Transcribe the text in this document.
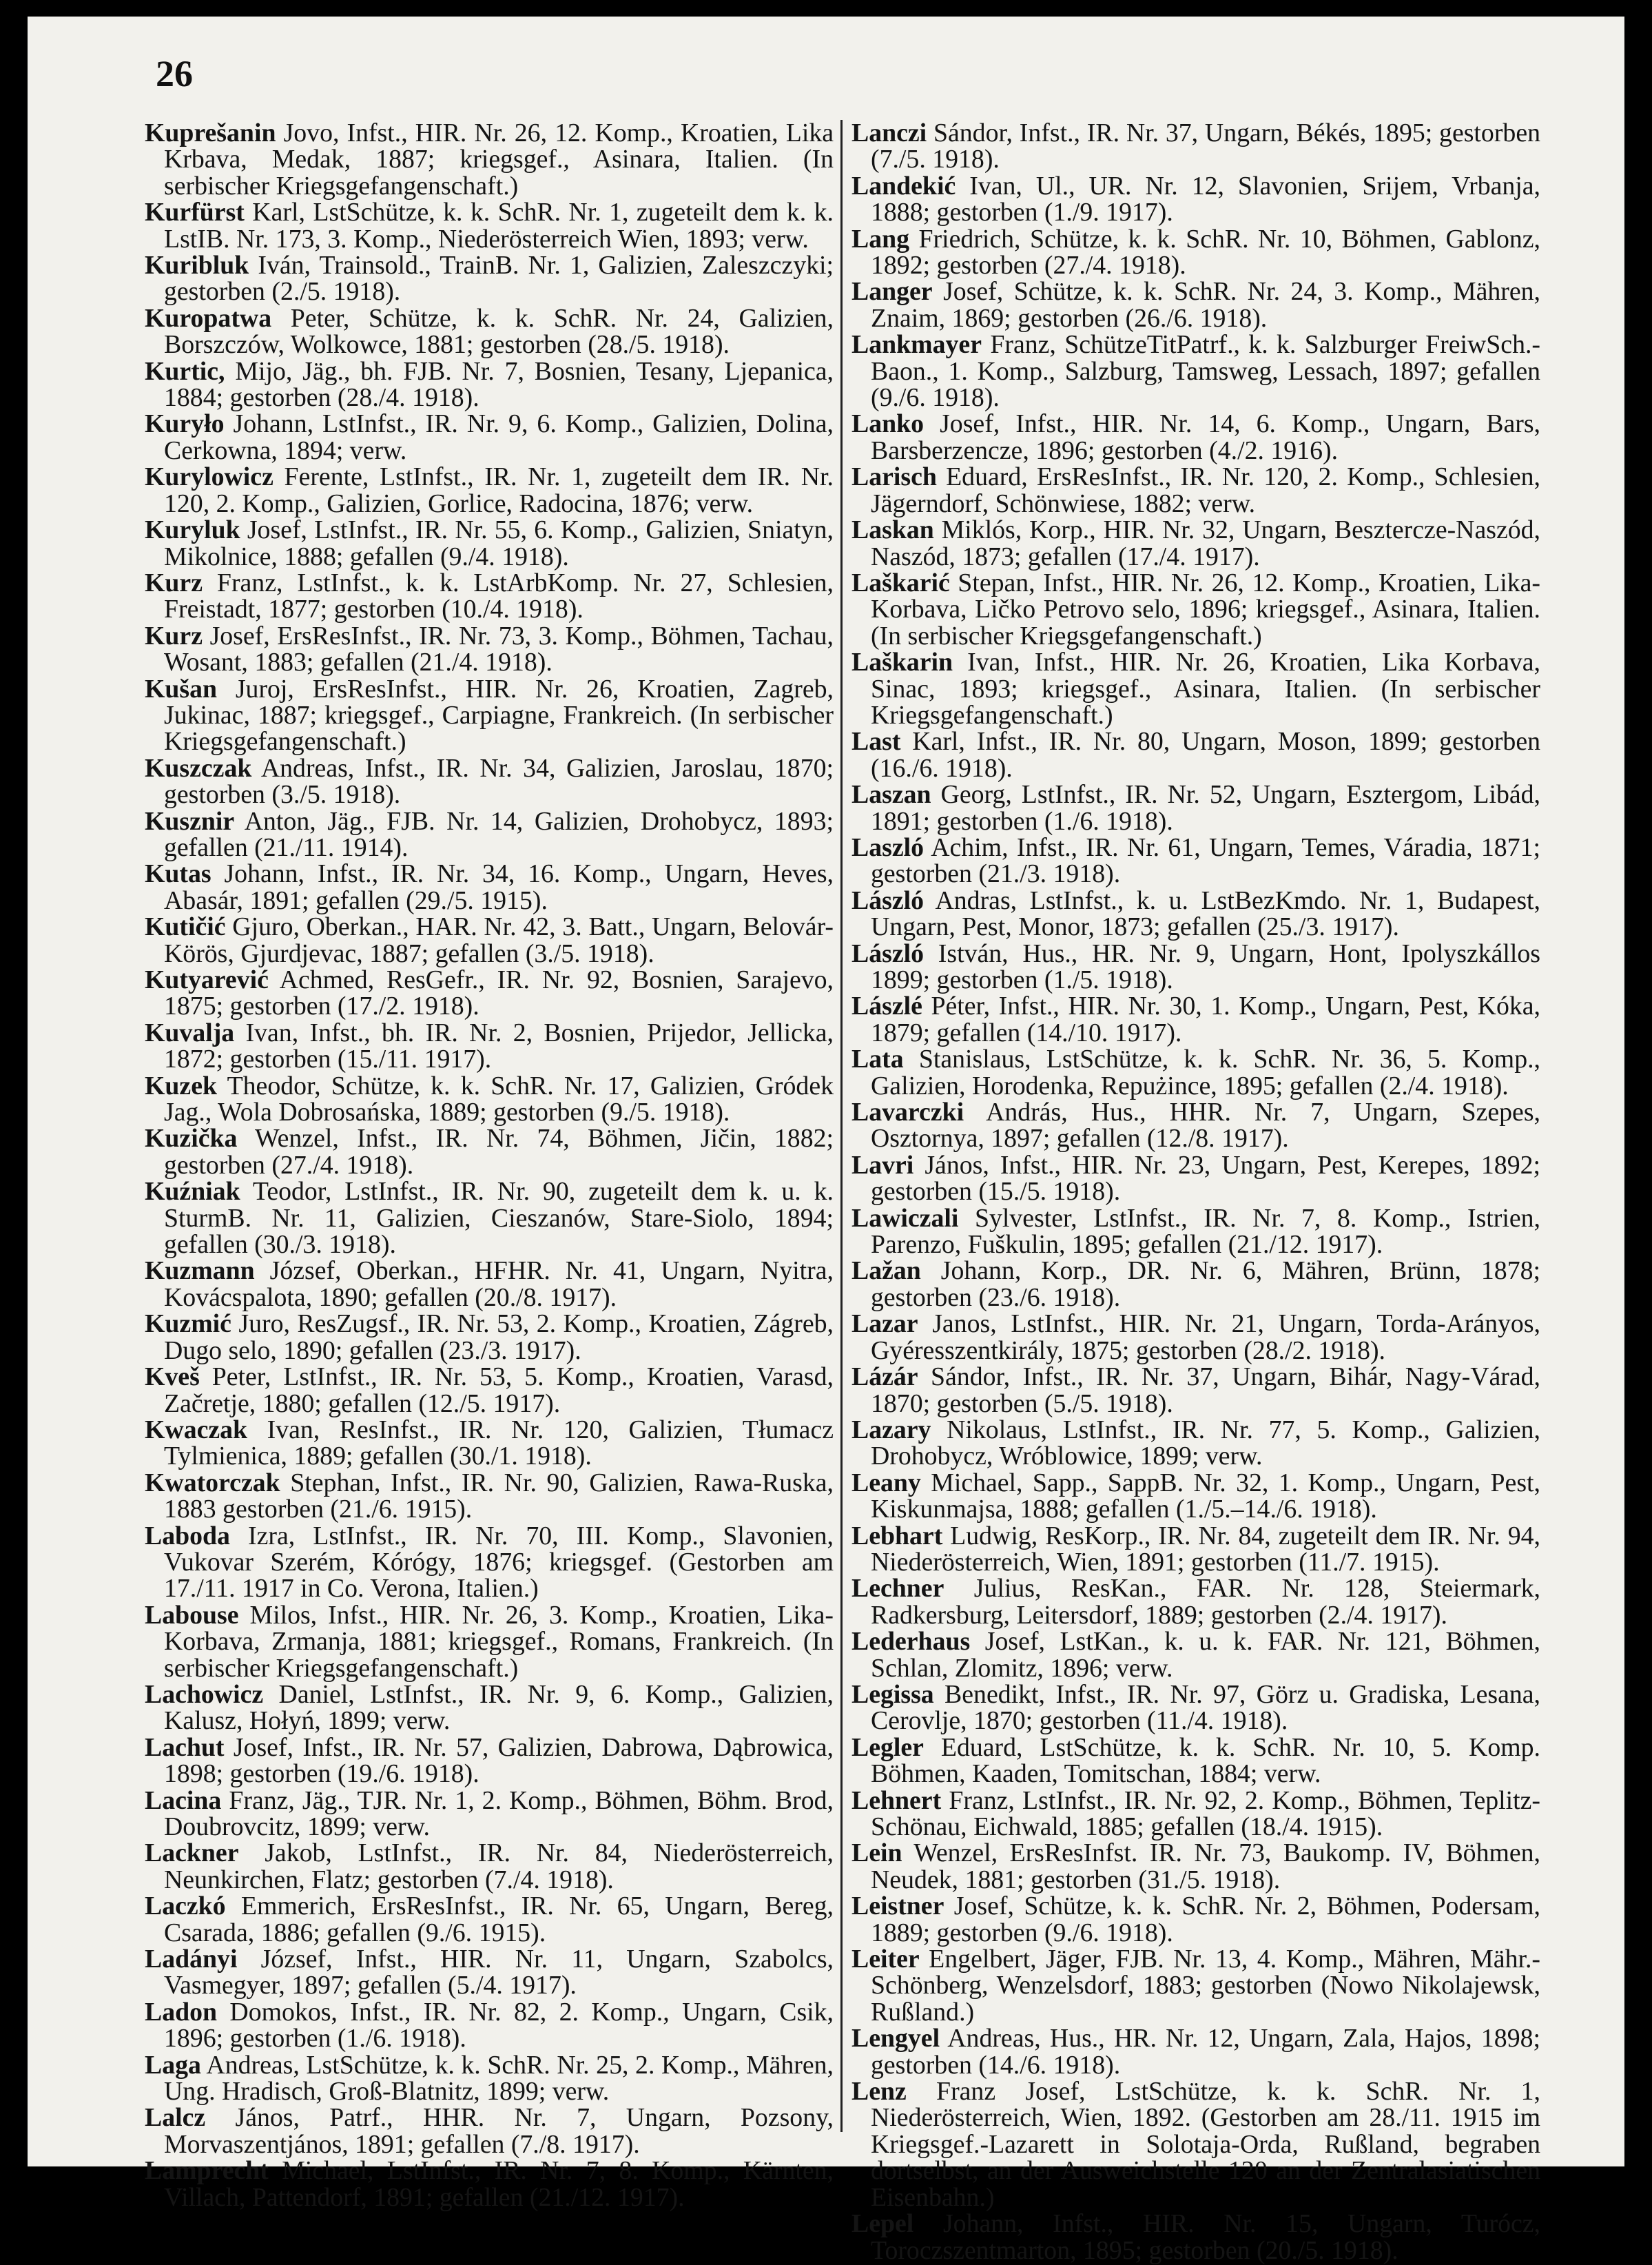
26

Kuprešanin Jovo, Infst., HIR. Nr. 26, 12. Komp., Kroatien, Lika Krbava, Medak, 1887; kriegsgef., Asinara, Italien. (In serbischer Kriegsgefangenschaft.)

Kurfürst Karl, LstSchütze, k. k. SchR. Nr. 1, zugeteilt dem k. k. LstIB. Nr. 173, 3. Komp., Niederösterreich Wien, 1893; verw.

Kuribluk Iván, Trainsold., TrainB. Nr. 1, Galizien, Zaleszczyki; gestorben (2./5. 1918).

Kuropatwa Peter, Schütze, k. k. SchR. Nr. 24, Galizien, Borszczów, Wolkowce, 1881; gestorben (28./5. 1918).

Kurtic, Mijo, Jäg., bh. FJB. Nr. 7, Bosnien, Tesany, Ljepanica, 1884; gestorben (28./4. 1918).

Kuryło Johann, LstInfst., IR. Nr. 9, 6. Komp., Galizien, Dolina, Cerkowna, 1894; verw.

Kurylowicz Ferente, LstInfst., IR. Nr. 1, zugeteilt dem IR. Nr. 120, 2. Komp., Galizien, Gorlice, Radocina, 1876; verw.

Kuryluk Josef, LstInfst., IR. Nr. 55, 6. Komp., Galizien, Sniatyn, Mikolnice, 1888; gefallen (9./4. 1918).

Kurz Franz, LstInfst., k. k. LstArbKomp. Nr. 27, Schlesien, Freistadt, 1877; gestorben (10./4. 1918).

Kurz Josef, ErsResInfst., IR. Nr. 73, 3. Komp., Böhmen, Tachau, Wosant, 1883; gefallen (21./4. 1918).

Kušan Juroj, ErsResInfst., HIR. Nr. 26, Kroatien, Zagreb, Jukinac, 1887; kriegsgef., Carpiagne, Frankreich. (In serbischer Kriegsgefangenschaft.)

Kuszczak Andreas, Infst., IR. Nr. 34, Galizien, Jaroslau, 1870; gestorben (3./5. 1918).

Kusznir Anton, Jäg., FJB. Nr. 14, Galizien, Drohobycz, 1893; gefallen (21./11. 1914).

Kutas Johann, Infst., IR. Nr. 34, 16. Komp., Ungarn, Heves, Abasár, 1891; gefallen (29./5. 1915).

Kutičić Gjuro, Oberkan., HAR. Nr. 42, 3. Batt., Ungarn, Belovár-Körös, Gjurdjevac, 1887; gefallen (3./5. 1918).

Kutyarević Achmed, ResGefr., IR. Nr. 92, Bosnien, Sarajevo, 1875; gestorben (17./2. 1918).

Kuvalja Ivan, Infst., bh. IR. Nr. 2, Bosnien, Prijedor, Jellicka, 1872; gestorben (15./11. 1917).

Kuzek Theodor, Schütze, k. k. SchR. Nr. 17, Galizien, Gródek Jag., Wola Dobrosańska, 1889; gestorben (9./5. 1918).

Kuzička Wenzel, Infst., IR. Nr. 74, Böhmen, Jičin, 1882; gestorben (27./4. 1918).

Kuźniak Teodor, LstInfst., IR. Nr. 90, zugeteilt dem k. u. k. SturmB. Nr. 11, Galizien, Cieszanów, Stare-Siolo, 1894; gefallen (30./3. 1918).

Kuzmann József, Oberkan., HFHR. Nr. 41, Ungarn, Nyitra, Kovácspalota, 1890; gefallen (20./8. 1917).

Kuzmić Juro, ResZugsf., IR. Nr. 53, 2. Komp., Kroatien, Zágreb, Dugo selo, 1890; gefallen (23./3. 1917).

Kveš Peter, LstInfst., IR. Nr. 53, 5. Komp., Kroatien, Varasd, Začretje, 1880; gefallen (12./5. 1917).

Kwaczak Ivan, ResInfst., IR. Nr. 120, Galizien, Tłumacz Tylmienica, 1889; gefallen (30./1. 1918).

Kwatorczak Stephan, Infst., IR. Nr. 90, Galizien, Rawa-Ruska, 1883 gestorben (21./6. 1915).

Laboda Izra, LstInfst., IR. Nr. 70, III. Komp., Slavonien, Vukovar Szerém, Kórógy, 1876; kriegsgef. (Gestorben am 17./11. 1917 in Co. Verona, Italien.)

Labouse Milos, Infst., HIR. Nr. 26, 3. Komp., Kroatien, Lika-Korbava, Zrmanja, 1881; kriegsgef., Romans, Frankreich. (In serbischer Kriegsgefangenschaft.)

Lachowicz Daniel, LstInfst., IR. Nr. 9, 6. Komp., Galizien, Kalusz, Hołyń, 1899; verw.

Lachut Josef, Infst., IR. Nr. 57, Galizien, Dabrowa, Dąbrowica, 1898; gestorben (19./6. 1918).

Lacina Franz, Jäg., TJR. Nr. 1, 2. Komp., Böhmen, Böhm. Brod, Doubrovcitz, 1899; verw.

Lackner Jakob, LstInfst., IR. Nr. 84, Niederösterreich, Neunkirchen, Flatz; gestorben (7./4. 1918).

Laczkó Emmerich, ErsResInfst., IR. Nr. 65, Ungarn, Bereg, Csarada, 1886; gefallen (9./6. 1915).

Ladányi József, Infst., HIR. Nr. 11, Ungarn, Szabolcs, Vasmegyer, 1897; gefallen (5./4. 1917).

Ladon Domokos, Infst., IR. Nr. 82, 2. Komp., Ungarn, Csik, 1896; gestorben (1./6. 1918).

Laga Andreas, LstSchütze, k. k. SchR. Nr. 25, 2. Komp., Mähren, Ung. Hradisch, Groß-Blatnitz, 1899; verw.

Lalcz János, Patrf., HHR. Nr. 7, Ungarn, Pozsony, Morvaszentjános, 1891; gefallen (7./8. 1917).

Lamprecht Michael, LstInfst., IR. Nr. 7, 8. Komp., Kärnten, Villach, Pattendorf, 1891; gefallen (21./12. 1917).

Lanczi Sándor, Infst., IR. Nr. 37, Ungarn, Békés, 1895; gestorben (7./5. 1918).

Landekić Ivan, Ul., UR. Nr. 12, Slavonien, Srijem, Vrbanja, 1888; gestorben (1./9. 1917).

Lang Friedrich, Schütze, k. k. SchR. Nr. 10, Böhmen, Gablonz, 1892; gestorben (27./4. 1918).

Langer Josef, Schütze, k. k. SchR. Nr. 24, 3. Komp., Mähren, Znaim, 1869; gestorben (26./6. 1918).

Lankmayer Franz, SchützeTitPatrf., k. k. Salzburger FreiwSch.-Baon., 1. Komp., Salzburg, Tamsweg, Lessach, 1897; gefallen (9./6. 1918).

Lanko Josef, Infst., HIR. Nr. 14, 6. Komp., Ungarn, Bars, Barsberzencze, 1896; gestorben (4./2. 1916).

Larisch Eduard, ErsResInfst., IR. Nr. 120, 2. Komp., Schlesien, Jägerndorf, Schönwiese, 1882; verw.

Laskan Miklós, Korp., HIR. Nr. 32, Ungarn, Beszterczе-Naszód, Naszód, 1873; gefallen (17./4. 1917).

Laškarić Stepan, Infst., HIR. Nr. 26, 12. Komp., Kroatien, Lika-Korbava, Ličko Petrovo selo, 1896; kriegsgef., Asinara, Italien. (In serbischer Kriegsgefangenschaft.)

Laškarin Ivan, Infst., HIR. Nr. 26, Kroatien, Lika Korbava, Sinac, 1893; kriegsgef., Asinara, Italien. (In serbischer Kriegsgefangenschaft.)

Last Karl, Infst., IR. Nr. 80, Ungarn, Moson, 1899; gestorben (16./6. 1918).

Laszan Georg, LstInfst., IR. Nr. 52, Ungarn, Esztergom, Libád, 1891; gestorben (1./6. 1918).

Laszló Achim, Infst., IR. Nr. 61, Ungarn, Temes, Váradia, 1871; gestorben (21./3. 1918).

László Andras, LstInfst., k. u. LstBezKmdo. Nr. 1, Budapest, Ungarn, Pest, Monor, 1873; gefallen (25./3. 1917).

László István, Hus., HR. Nr. 9, Ungarn, Hont, Ipolyszkállos 1899; gestorben (1./5. 1918).

Lászlé Péter, Infst., HIR. Nr. 30, 1. Komp., Ungarn, Pest, Kóka, 1879; gefallen (14./10. 1917).

Lata Stanislaus, LstSchütze, k. k. SchR. Nr. 36, 5. Komp., Galizien, Horodenka, Repużince, 1895; gefallen (2./4. 1918).

Lavarczki András, Hus., HHR. Nr. 7, Ungarn, Szepes, Osztornya, 1897; gefallen (12./8. 1917).

Lavri János, Infst., HIR. Nr. 23, Ungarn, Pest, Kerepes, 1892; gestorben (15./5. 1918).

Lawiczali Sylvester, LstInfst., IR. Nr. 7, 8. Komp., Istrien, Parenzo, Fuškulin, 1895; gefallen (21./12. 1917).

Lažan Johann, Korp., DR. Nr. 6, Mähren, Brünn, 1878; gestorben (23./6. 1918).

Lazar Janos, LstInfst., HIR. Nr. 21, Ungarn, Torda-Arányos, Gyéresszentkirály, 1875; gestorben (28./2. 1918).

Lázár Sándor, Infst., IR. Nr. 37, Ungarn, Bihár, Nagy-Várad, 1870; gestorben (5./5. 1918).

Lazary Nikolaus, LstInfst., IR. Nr. 77, 5. Komp., Galizien, Drohobycz, Wróblowice, 1899; verw.

Leany Michael, Sapp., SappB. Nr. 32, 1. Komp., Ungarn, Pest, Kiskunmajsa, 1888; gefallen (1./5.–14./6. 1918).

Lebhart Ludwig, ResKorp., IR. Nr. 84, zugeteilt dem IR. Nr. 94, Niederösterreich, Wien, 1891; gestorben (11./7. 1915).

Lechner Julius, ResKan., FAR. Nr. 128, Steiermark, Radkersburg, Leitersdorf, 1889; gestorben (2./4. 1917).

Lederhaus Josef, LstKan., k. u. k. FAR. Nr. 121, Böhmen, Schlan, Zlomitz, 1896; verw.

Legissa Benedikt, Infst., IR. Nr. 97, Görz u. Gradiska, Lesana, Cerovlje, 1870; gestorben (11./4. 1918).

Legler Eduard, LstSchütze, k. k. SchR. Nr. 10, 5. Komp. Böhmen, Kaaden, Tomitschan, 1884; verw.

Lehnert Franz, LstInfst., IR. Nr. 92, 2. Komp., Böhmen, Teplitz-Schönau, Eichwald, 1885; gefallen (18./4. 1915).

Lein Wenzel, ErsResInfst. IR. Nr. 73, Baukomp. IV, Böhmen, Neudek, 1881; gestorben (31./5. 1918).

Leistner Josef, Schütze, k. k. SchR. Nr. 2, Böhmen, Podersam, 1889; gestorben (9./6. 1918).

Leiter Engelbert, Jäger, FJB. Nr. 13, 4. Komp., Mähren, Mähr.-Schönberg, Wenzelsdorf, 1883; gestorben (Nowo Nikolajewsk, Rußland.)

Lengyel Andreas, Hus., HR. Nr. 12, Ungarn, Zala, Hajos, 1898; gestorben (14./6. 1918).

Lenz Franz Josef, LstSchütze, k. k. SchR. Nr. 1, Niederösterreich, Wien, 1892. (Gestorben am 28./11. 1915 im Kriegsgef.-Lazarett in Solotaja-Orda, Rußland, begraben dortselbst, an der Ausweichstelle 120 an der Zentralasiatischen Eisenbahn.)

Lepel Johann, Infst., HIR. Nr. 15, Ungarn, Turócz, Toroczszentmarton, 1895; gestorben (20./5. 1918).
